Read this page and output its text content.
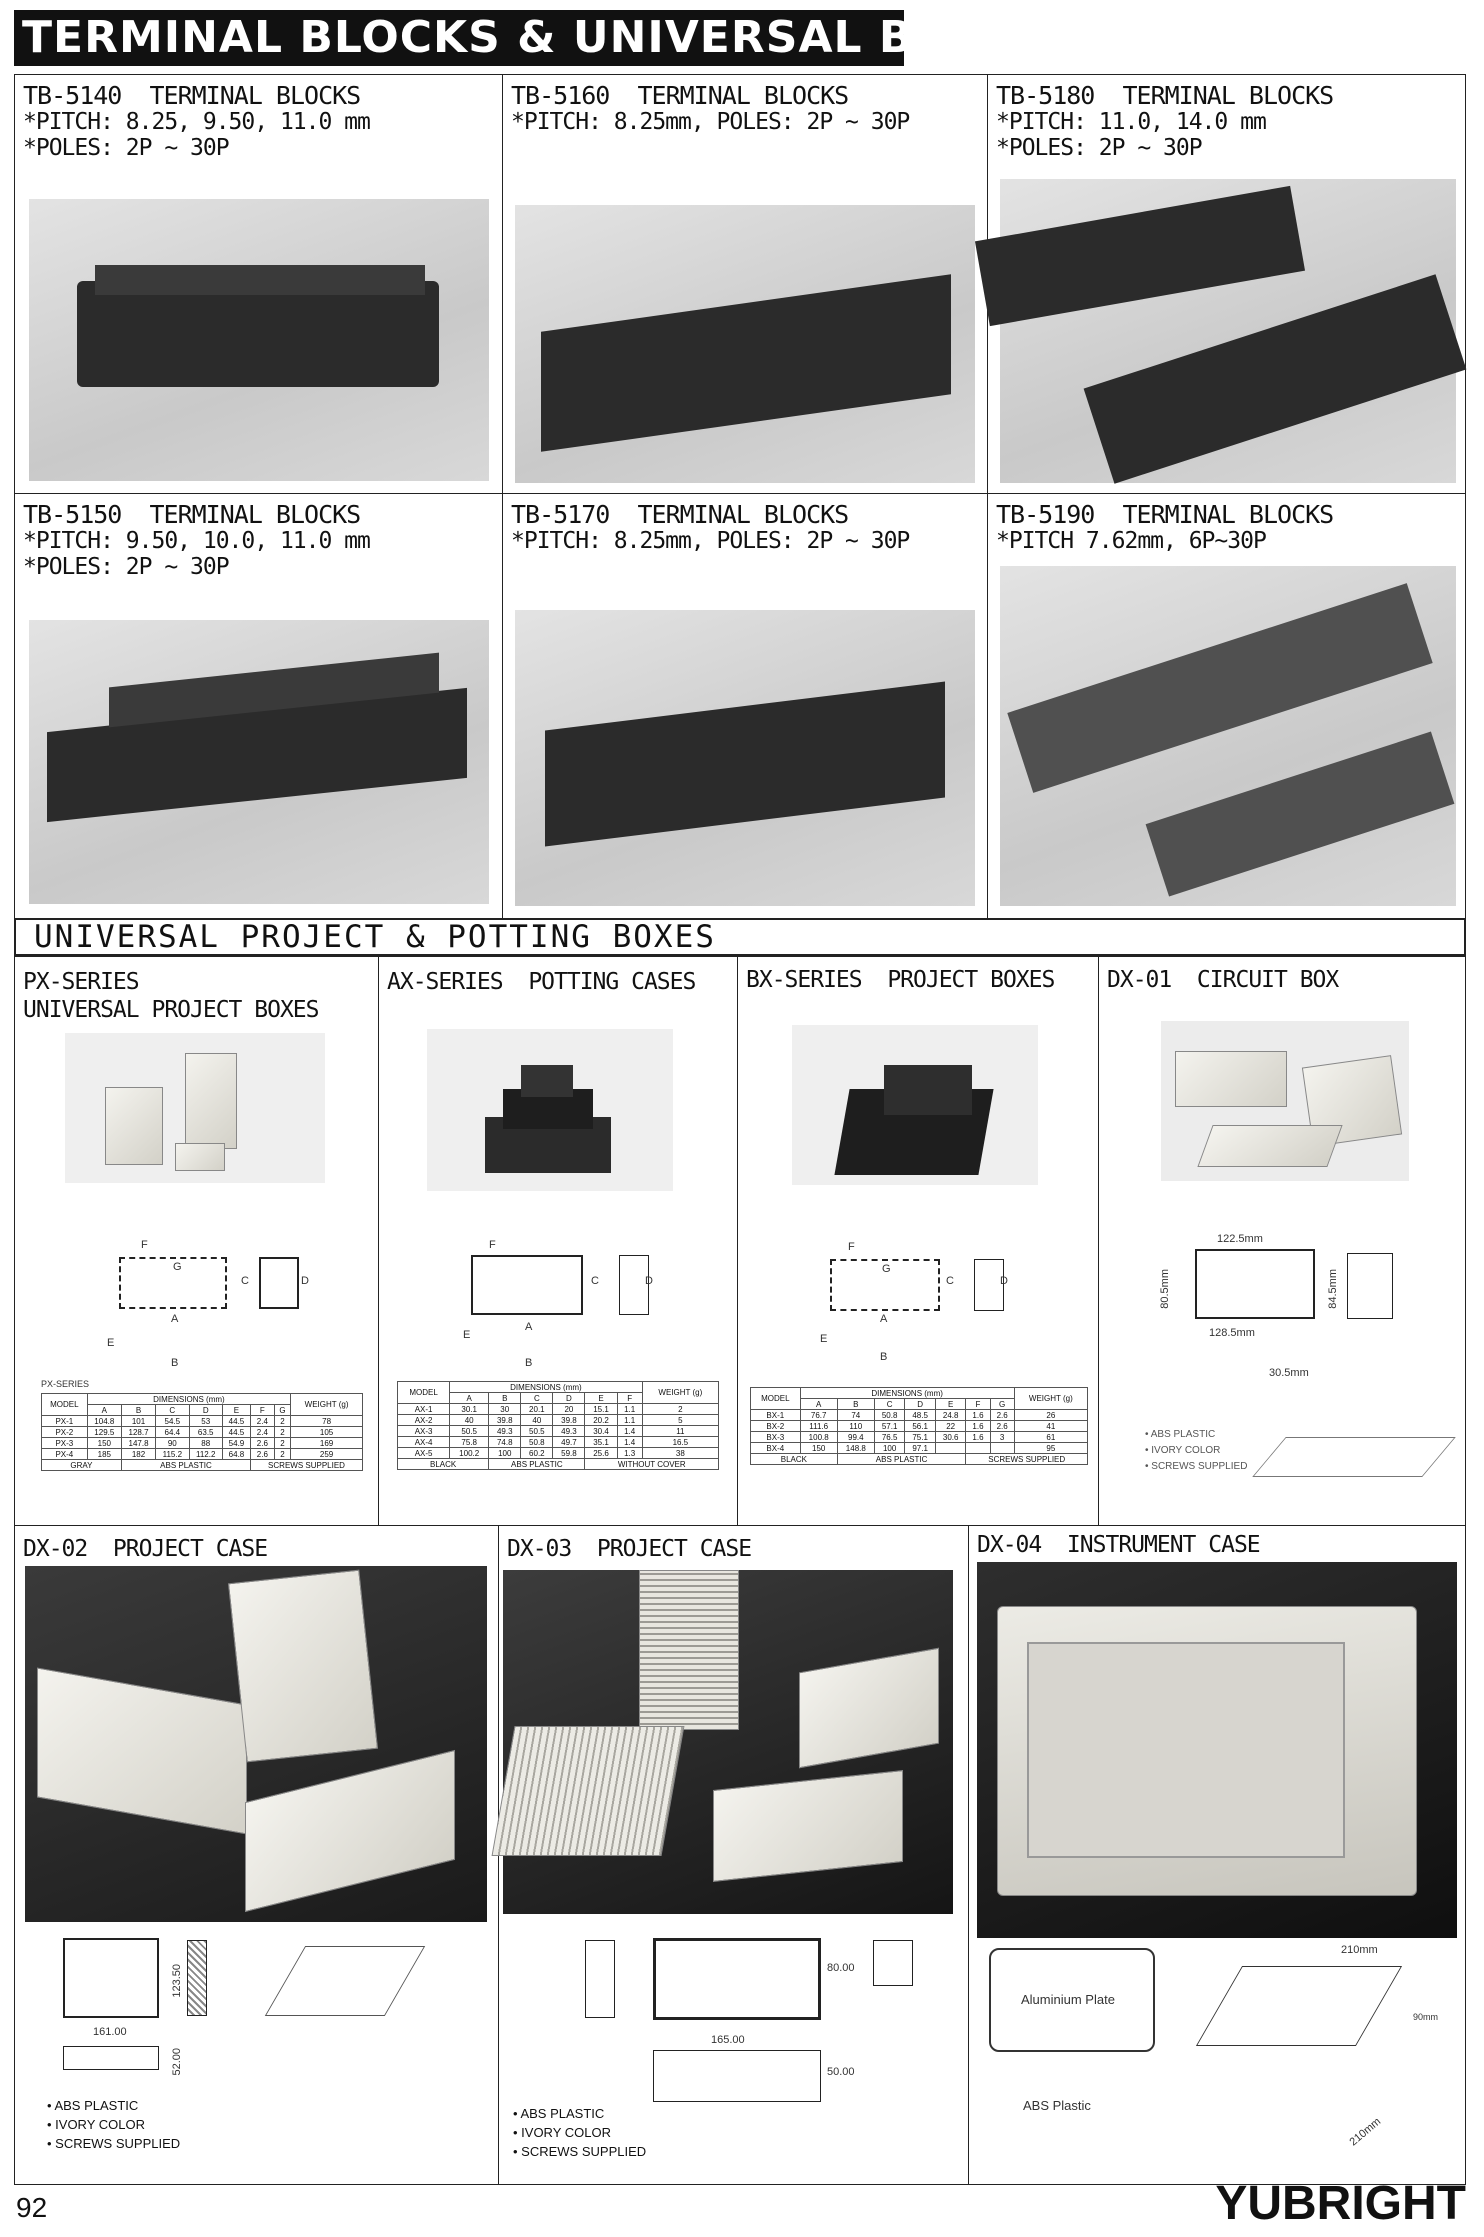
TERMINAL BLOCKS & UNIVERSAL BOXES
TB-5140 TERMINAL BLOCKS
*PITCH: 8.25, 9.50, 11.0 mm
*POLES: 2P ~ 30P
TB-5160 TERMINAL BLOCKS
*PITCH: 8.25mm, POLES: 2P ~ 30P
TB-5180 TERMINAL BLOCKS
*PITCH: 11.0, 14.0 mm
*POLES: 2P ~ 30P
TB-5150 TERMINAL BLOCKS
*PITCH: 9.50, 10.0, 11.0 mm
*POLES: 2P ~ 30P
TB-5170 TERMINAL BLOCKS
*PITCH: 8.25mm, POLES: 2P ~ 30P
TB-5190 TERMINAL BLOCKS
*PITCH 7.62mm, 6P~30P
UNIVERSAL PROJECT & POTTING BOXES
PX-SERIES
UNIVERSAL PROJECT BOXES
F
G
A
B
C	D
E
PX-SERIES
MODEL	DIMENSIONS (mm)							WEIGHT (g)
	A	B	C	D	E	F	G	
PX-1	104.8	101	54.5	53	44.5	2.4	2	78
PX-2	129.5	128.7	64.4	63.5	44.5	2.4	2	105
PX-3	150	147.8	90	88	54.9	2.6	2	169
PX-4	185	182	115.2	112.2	64.8	2.6	2	259
GRAY		ABS PLASTIC				SCREWS SUPPLIED		
AX-SERIES  POTTING CASES
F
A
B
C	D
E
MODEL	DIMENSIONS (mm)						WEIGHT (g)
	A	B	C	D	E	F	
AX-1	30.1	30	20.1	20	15.1	1.1	2
AX-2	40	39.8	40	39.8	20.2	1.1	5
AX-3	50.5	49.3	50.5	49.3	30.4	1.4	11
AX-4	75.8	74.8	50.8	49.7	35.1	1.4	16.5
AX-5	100.2	100	60.2	59.8	25.6	1.3	38
BLACK		ABS PLASTIC			WITHOUT COVER		
BX-SERIES  PROJECT BOXES
F
G
A
B
C	D
E
MODEL	DIMENSIONS (mm)							WEIGHT (g)
	A	B	C	D	E	F	G	
BX-1	76.7	74	50.8	48.5	24.8	1.6	2.6	26
BX-2	111.6	110	57.1	56.1	22	1.6	2.6	41
BX-3	100.8	99.4	76.5	75.1	30.6	1.6	3	61
BX-4	150	148.8	100	97.1				95
BLACK		ABS PLASTIC				SCREWS SUPPLIED		
DX-01  CIRCUIT BOX
122.5mm
128.5mm
80.5mm	84.5mm
30.5mm
• ABS PLASTIC
• IVORY COLOR
• SCREWS SUPPLIED
DX-02  PROJECT CASE
123.50
161.00
52.00
• ABS PLASTIC
• IVORY COLOR
• SCREWS SUPPLIED
DX-03  PROJECT CASE
80.00
165.00
50.00
• ABS PLASTIC
• IVORY COLOR
• SCREWS SUPPLIED
DX-04  INSTRUMENT CASE
Aluminium Plate
ABS Plastic
210mm
90mm
210mm
92	YUBRIGHT
